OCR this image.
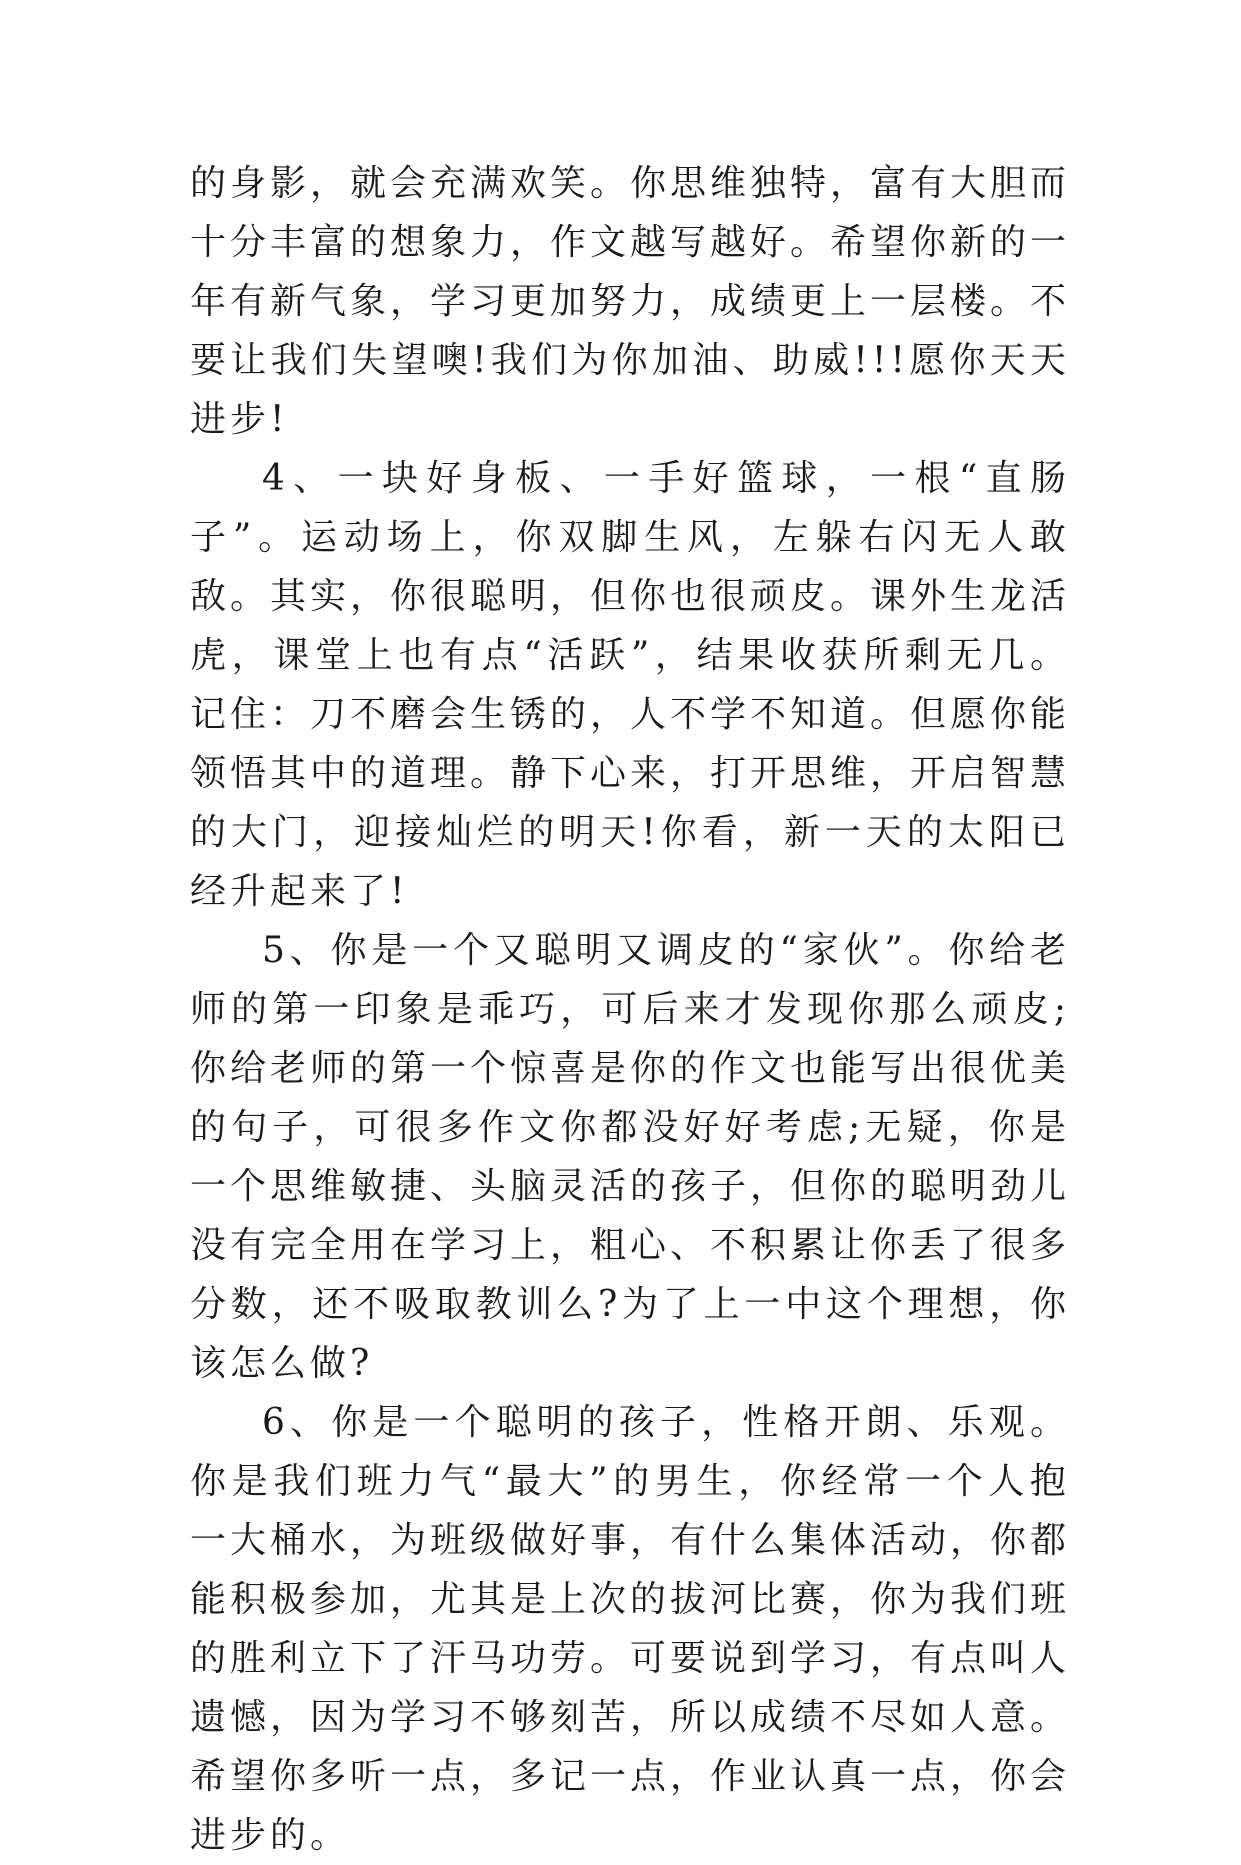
的身影，就会充满欢笑。你思维独特，富有大胆而十分丰富的想象力，作文越写越好。希望你新的一年有新气象，学习更加努力，成绩更上一层楼。不要让我们失望噢!我们为你加油、助威!!!愿你天天进步!

4、一块好身板、一手好篮球，一根“直肠子”。运动场上，你双脚生风，左躲右闪无人敢敌。其实，你很聪明，但你也很顽皮。课外生龙活虎，课堂上也有点“活跃”，结果收获所剩无几。记住：刀不磨会生锈的，人不学不知道。但愿你能领悟其中的道理。静下心来，打开思维，开启智慧的大门，迎接灿烂的明天!你看，新一天的太阳已经升起来了!

5、你是一个又聪明又调皮的“家伙”。你给老师的第一印象是乖巧，可后来才发现你那么顽皮;你给老师的第一个惊喜是你的作文也能写出很优美的句子，可很多作文你都没好好考虑;无疑，你是一个思维敏捷、头脑灵活的孩子，但你的聪明劲儿没有完全用在学习上，粗心、不积累让你丢了很多分数，还不吸取教训么?为了上一中这个理想，你该怎么做?

6、你是一个聪明的孩子，性格开朗、乐观。你是我们班力气“最大”的男生，你经常一个人抱一大桶水，为班级做好事，有什么集体活动，你都能积极参加，尤其是上次的拔河比赛，你为我们班的胜利立下了汗马功劳。可要说到学习，有点叫人遗憾，因为学习不够刻苦，所以成绩不尽如人意。希望你多听一点，多记一点，作业认真一点，你会进步的。
